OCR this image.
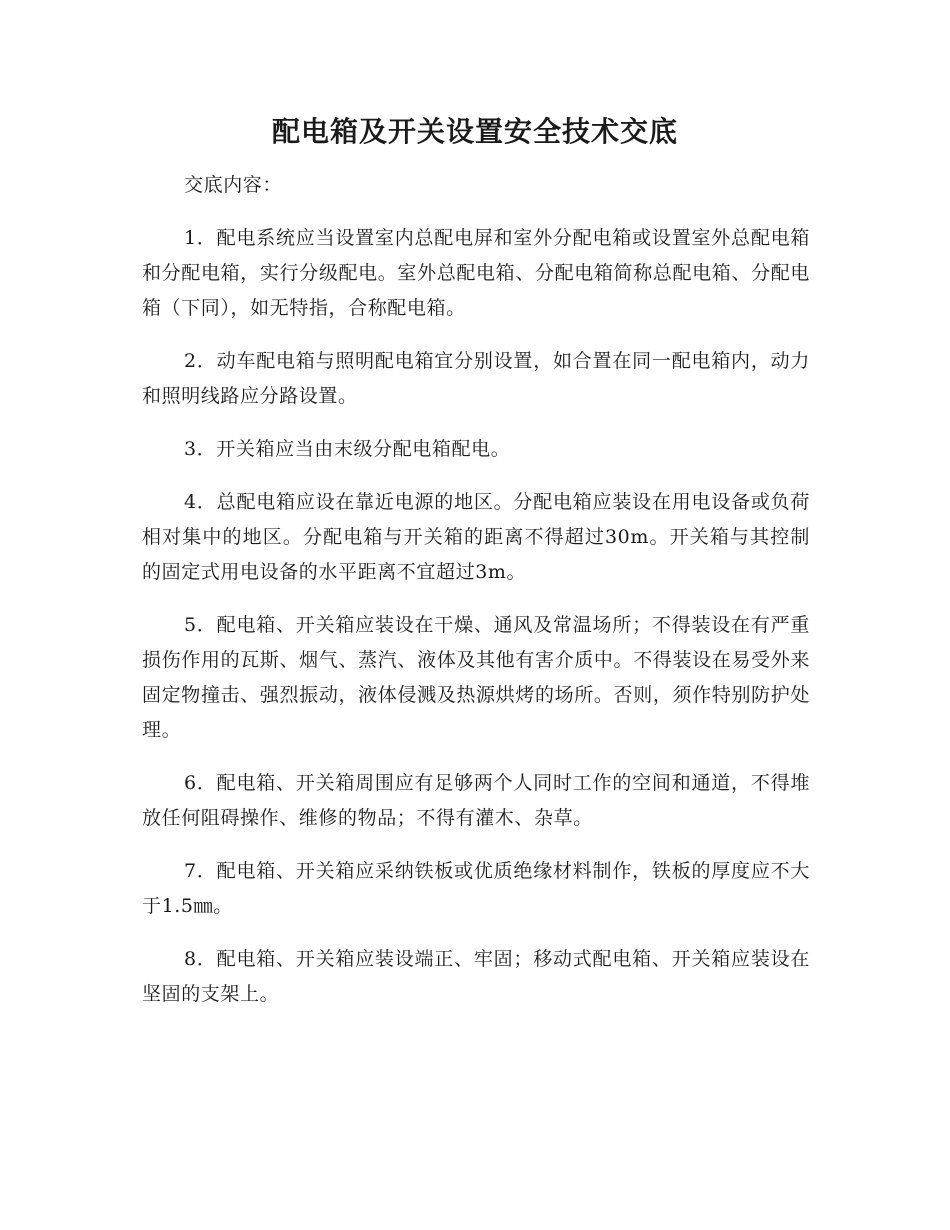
配电箱及开关设置安全技术交底

交底内容：

1．配电系统应当设置室内总配电屏和室外分配电箱或设置室外总配电箱和分配电箱，实行分级配电。室外总配电箱、分配电箱简称总配电箱、分配电箱（下同），如无特指，合称配电箱。

2．动车配电箱与照明配电箱宜分别设置，如合置在同一配电箱内，动力和照明线路应分路设置。

3．开关箱应当由末级分配电箱配电。

4．总配电箱应设在靠近电源的地区。分配电箱应装设在用电设备或负荷相对集中的地区。分配电箱与开关箱的距离不得超过30m。开关箱与其控制的固定式用电设备的水平距离不宜超过3m。

5．配电箱、开关箱应装设在干燥、通风及常温场所；不得装设在有严重损伤作用的瓦斯、烟气、蒸汽、液体及其他有害介质中。不得装设在易受外来固定物撞击、强烈振动，液体侵溅及热源烘烤的场所。否则，须作特别防护处理。

6．配电箱、开关箱周围应有足够两个人同时工作的空间和通道，不得堆放任何阻碍操作、维修的物品；不得有灌木、杂草。

7．配电箱、开关箱应采纳铁板或优质绝缘材料制作，铁板的厚度应不大于1.5㎜。

8．配电箱、开关箱应装设端正、牢固；移动式配电箱、开关箱应装设在坚固的支架上。
